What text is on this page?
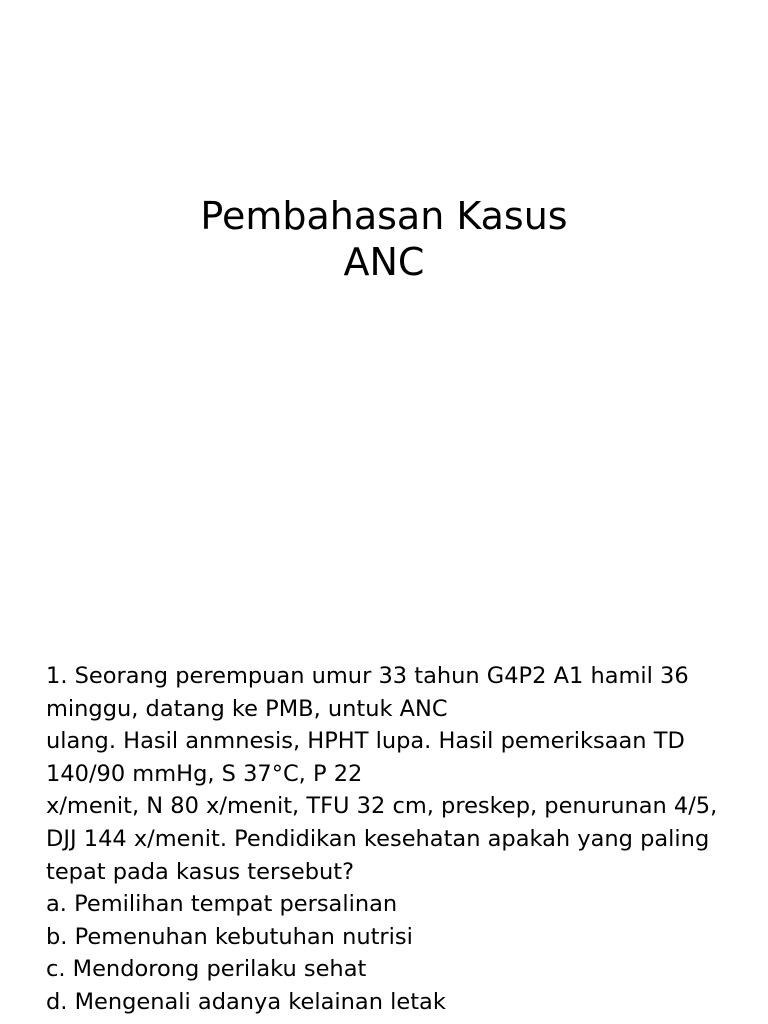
Pembahasan Kasus
ANC
1. Seorang perempuan umur 33 tahun G4P2 A1 hamil 36
minggu, datang ke PMB, untuk ANC
ulang. Hasil anmnesis, HPHT lupa. Hasil pemeriksaan TD
140/90 mmHg, S 37°C, P 22
x/menit, N 80 x/menit, TFU 32 cm, preskep, penurunan 4/5,
DJJ 144 x/menit. Pendidikan kesehatan apakah yang paling
tepat pada kasus tersebut?
a. Pemilihan tempat persalinan
b. Pemenuhan kebutuhan nutrisi
c. Mendorong perilaku sehat
d. Mengenali adanya kelainan letak
